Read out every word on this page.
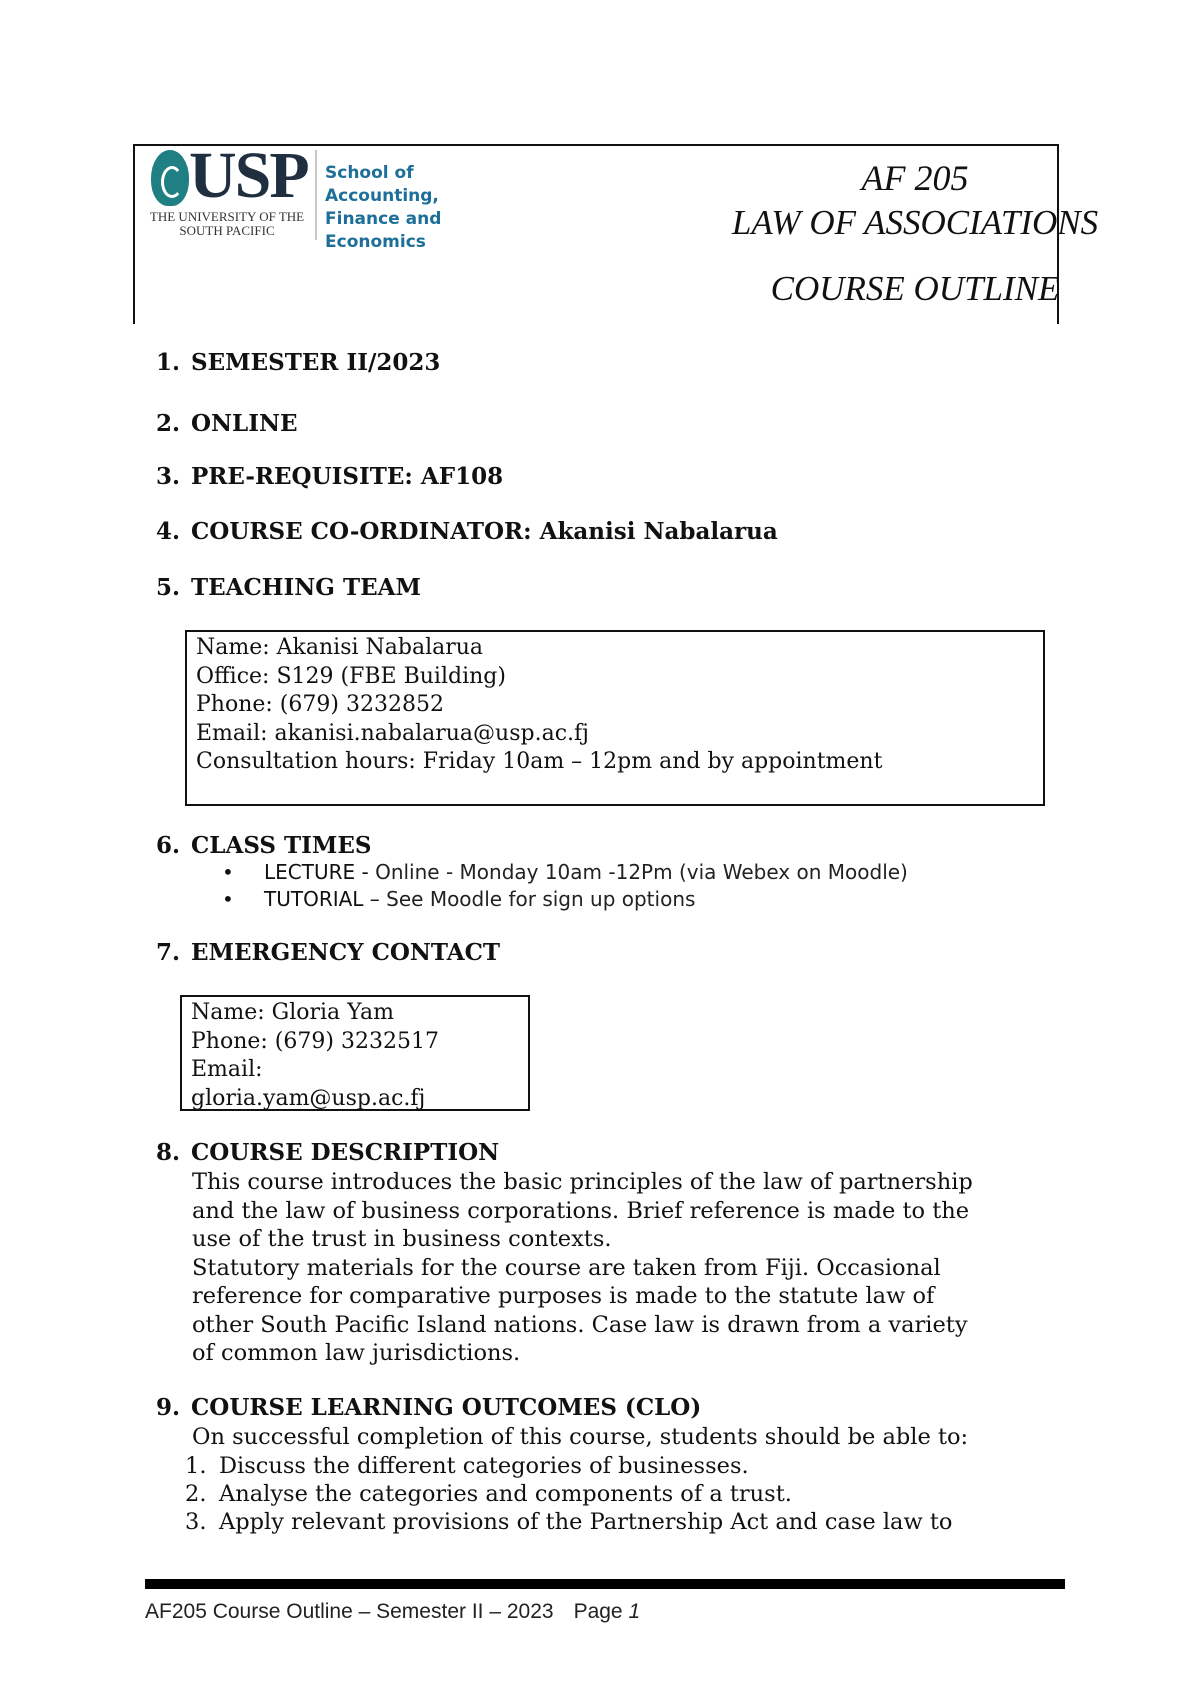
USP
THE UNIVERSITY OF THE SOUTH PACIFIC
School of Accounting, Finance and Economics
AF 205
LAW OF ASSOCIATIONS
COURSE OUTLINE
1. SEMESTER II/2023
2. ONLINE
3. PRE-REQUISITE: AF108
4. COURSE CO-ORDINATOR: Akanisi Nabalarua
5. TEACHING TEAM
Name: Akanisi Nabalarua
Office: S129 (FBE Building)
Phone: (679) 3232852
Email: akanisi.nabalarua@usp.ac.fj
Consultation hours: Friday 10am – 12pm and by appointment
6. CLASS TIMES
• LECTURE - Online - Monday 10am -12Pm (via Webex on Moodle)
• TUTORIAL – See Moodle for sign up options
7. EMERGENCY CONTACT
Name: Gloria Yam
Phone: (679) 3232517
Email:
gloria.yam@usp.ac.fj
8. COURSE DESCRIPTION
This course introduces the basic principles of the law of partnership
and the law of business corporations. Brief reference is made to the
use of the trust in business contexts.
Statutory materials for the course are taken from Fiji. Occasional
reference for comparative purposes is made to the statute law of
other South Pacific Island nations. Case law is drawn from a variety
of common law jurisdictions.
9. COURSE LEARNING OUTCOMES (CLO)
On successful completion of this course, students should be able to:
1. Discuss the different categories of businesses.
2. Analyse the categories and components of a trust.
3. Apply relevant provisions of the Partnership Act and case law to
AF205 Course Outline – Semester II – 2023 Page 1
